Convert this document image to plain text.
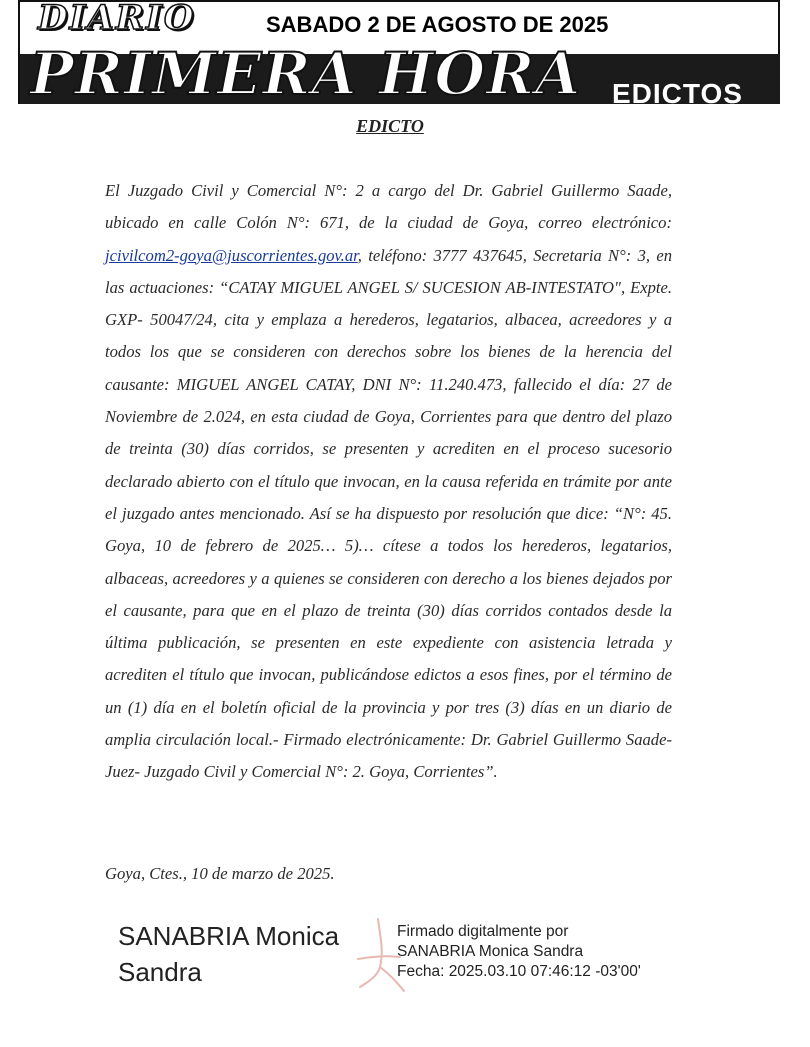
DIARIO	SABADO 2 DE AGOSTO DE 2025

PRIMERA HORA EDICTOS

EDICTO

El Juzgado Civil y Comercial N°: 2 a cargo del Dr. Gabriel Guillermo Saade, ubicado en calle Colón N°: 671, de la ciudad de Goya, correo electrónico: jcivilcom2-goya@juscorrientes.gov.ar, teléfono: 3777 437645, Secretaria N°: 3, en las actuaciones: “CATAY MIGUEL ANGEL S/ SUCESION AB-INTESTATO", Expte. GXP- 50047/24, cita y emplaza a herederos, legatarios, albacea, acreedores y a todos los que se consideren con derechos sobre los bienes de la herencia del causante: MIGUEL ANGEL CATAY, DNI N°: 11.240.473, fallecido el día: 27 de Noviembre de 2.024, en esta ciudad de Goya, Corrientes para que dentro del plazo de treinta (30) días corridos, se presenten y acrediten en el proceso sucesorio declarado abierto con el título que invocan, en la causa referida en trámite por ante el juzgado antes mencionado. Así se ha dispuesto por resolución que dice: “N°: 45. Goya, 10 de febrero de 2025… 5)… cítese a todos los herederos, legatarios, albaceas, acreedores y a quienes se consideren con derecho a los bienes dejados por el causante, para que en el plazo de treinta (30) días corridos contados desde la última publicación, se presenten en este expediente con asistencia letrada y acrediten el título que invocan, publicándose edictos a esos fines, por el término de un (1) día en el boletín oficial de la provincia y por tres (3) días en un diario de amplia circulación local.- Firmado electrónicamente: Dr. Gabriel Guillermo Saade- Juez- Juzgado Civil y Comercial N°: 2. Goya, Corrientes”.

Goya, Ctes., 10 de marzo de 2025.

SANABRIA Monica Sandra

Firmado digitalmente por
SANABRIA Monica Sandra
Fecha: 2025.03.10 07:46:12 -03'00'
